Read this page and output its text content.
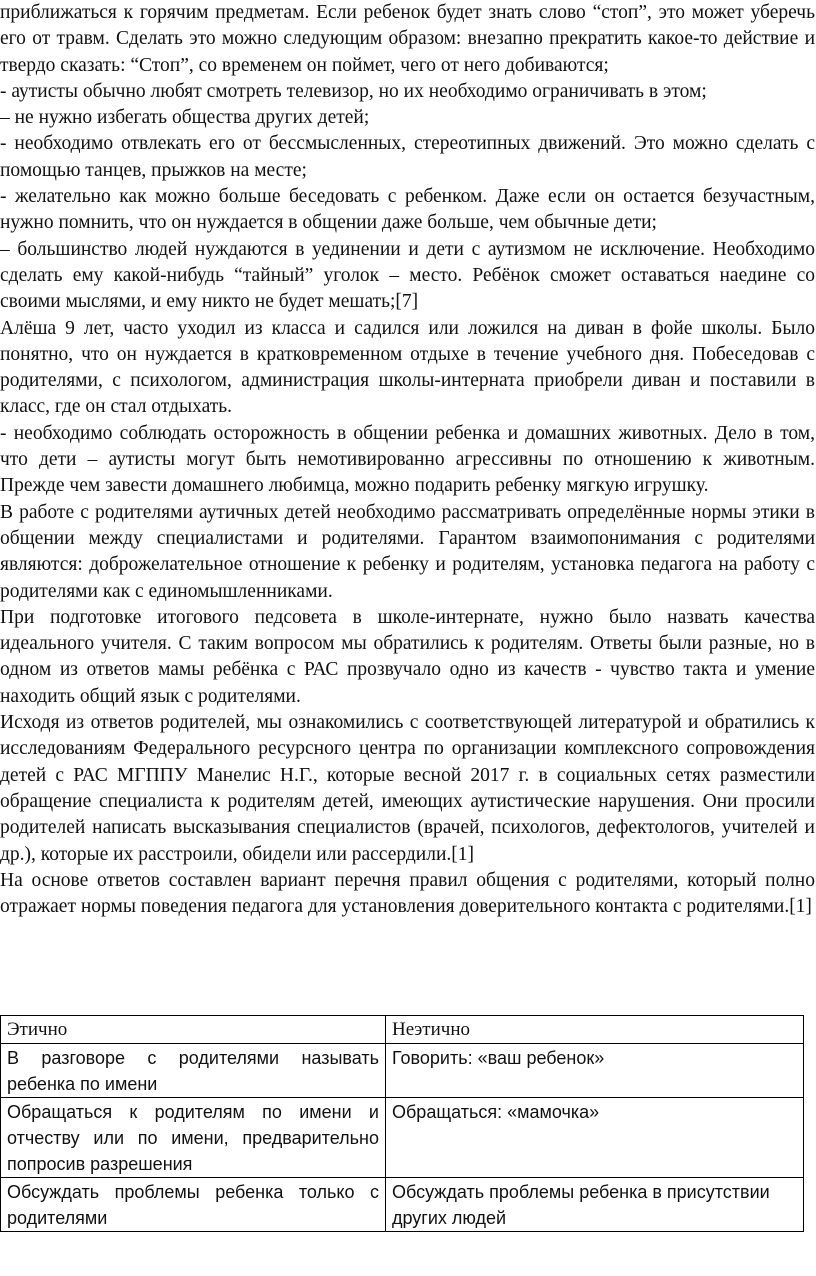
приближаться к горячим предметам. Если ребенок будет знать слово “стоп”, это может уберечь его от травм. Сделать это можно следующим образом: внезапно прекратить какое-то действие и твердо сказать: “Стоп”, со временем он поймет, чего от него добиваются;

- аутисты обычно любят смотреть телевизор, но их необходимо ограничивать в этом;

– не нужно избегать общества других детей;

- необходимо отвлекать его от бессмысленных, стереотипных движений. Это можно сделать с помощью танцев, прыжков на месте;

- желательно как можно больше беседовать с ребенком. Даже если он остается безучастным, нужно помнить, что он нуждается в общении даже больше, чем обычные дети;

– большинство людей нуждаются в уединении и дети с аутизмом не исключение. Необходимо сделать ему какой-нибудь “тайный” уголок – место. Ребёнок сможет оставаться наедине со своими мыслями, и ему никто не будет мешать;[7]

Алёша 9 лет, часто уходил из класса и садился или ложился на диван в фойе школы. Было понятно, что он нуждается в кратковременном отдыхе в течение учебного дня. Побеседовав с родителями, с психологом, администрация школы-интерната приобрели диван и поставили в класс, где он стал отдыхать.

- необходимо соблюдать осторожность в общении ребенка и домашних животных. Дело в том, что дети – аутисты могут быть немотивированно агрессивны по отношению к животным. Прежде чем завести домашнего любимца, можно подарить ребенку мягкую игрушку.

В работе с родителями аутичных детей необходимо рассматривать определённые нормы этики в общении между специалистами и родителями. Гарантом взаимопонимания с родителями являются: доброжелательное отношение к ребенку и родителям, установка педагога на работу с родителями как с единомышленниками.

При подготовке итогового педсовета в школе-интернате, нужно было назвать качества идеального учителя. С таким вопросом мы обратились к родителям. Ответы были разные, но в одном из ответов мамы ребёнка с РАС прозвучало одно из качеств - чувство такта и умение находить общий язык с родителями.

Исходя из ответов родителей, мы ознакомились с соответствующей литературой и обратились к исследованиям Федерального ресурсного центра по организации комплексного сопровождения детей с РАС МГППУ Манелис Н.Г., которые весной 2017 г. в социальных сетях разместили обращение специалиста к родителям детей, имеющих аутистические нарушения. Они просили родителей написать высказывания специалистов (врачей, психологов, дефектологов, учителей и др.), которые их расстроили, обидели или рассердили.[1]

На основе ответов составлен вариант перечня правил общения с родителями, который полно отражает нормы поведения педагога для установления доверительного контакта с родителями.[1]

Этично	Неэтично
В разговоре с родителями называть ребенка по имени	Говорить: «ваш ребенок»
Обращаться к родителям по имени и отчеству или по имени, предварительно попросив разрешения	Обращаться: «мамочка»
Обсуждать проблемы ребенка только с родителями	Обсуждать проблемы ребенка в присутствии других людей
